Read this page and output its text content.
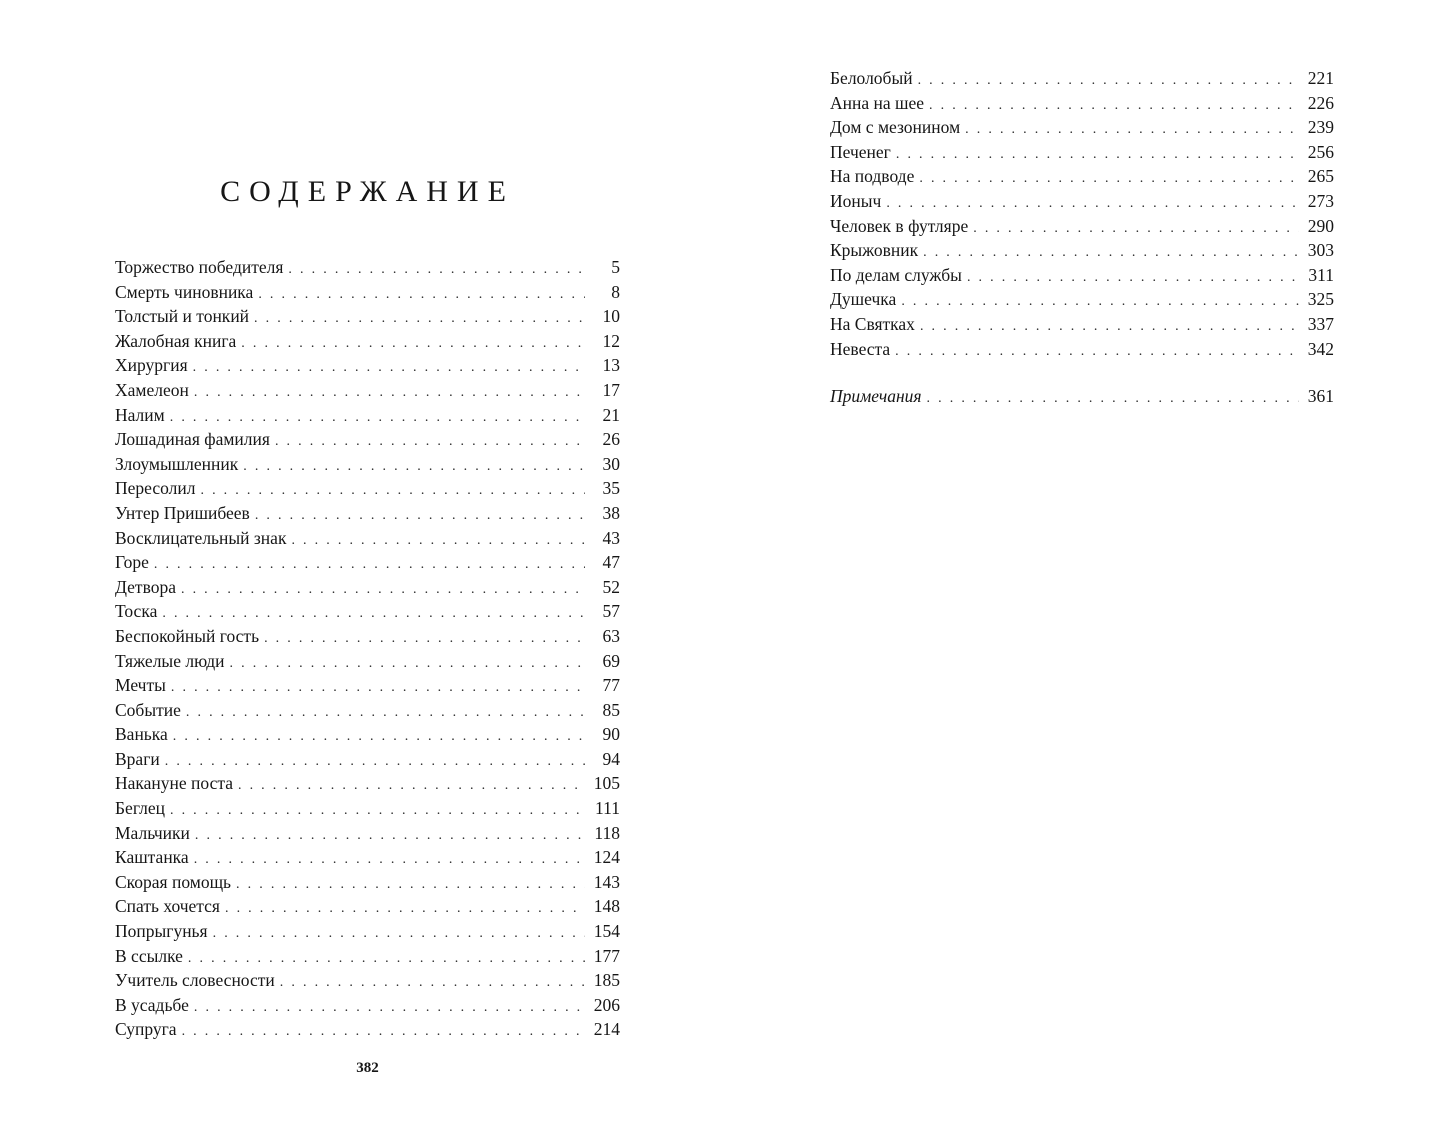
СОДЕРЖАНИЕ
Торжество победителя . . .	5
Смерть чиновника . . .	8
Толстый и тонкий . . .	10
Жалобная книга . . .	12
Хирургия . . .	13
Хамелеон . . .	17
Налим . . .	21
Лошадиная фамилия . . .	26
Злоумышленник . . .	30
Пересолил . . .	35
Унтер Пришибеев . . .	38
Восклицательный знак . . .	43
Горе . . .	47
Детвора . . .	52
Тоска . . .	57
Беспокойный гость . . .	63
Тяжелые люди . . .	69
Мечты . . .	77
Событие . . .	85
Ванька . . .	90
Враги . . .	94
Накануне поста . . .	105
Беглец . . .	111
Мальчики . . .	118
Каштанка . . .	124
Скорая помощь . . .	143
Спать хочется . . .	148
Попрыгунья . . .	154
В ссылке . . .	177
Учитель словесности . . .	185
В усадьбе . . .	206
Супруга . . .	214
382
Белолобый . . .	221
Анна на шее . . .	226
Дом с мезонином . . .	239
Печенег . . .	256
На подводе . . .	265
Ионыч . . .	273
Человек в футляре . . .	290
Крыжовник . . .	303
По делам службы . . .	311
Душечка . . .	325
На Святках . . .	337
Невеста . . .	342
Примечания . . .	361
